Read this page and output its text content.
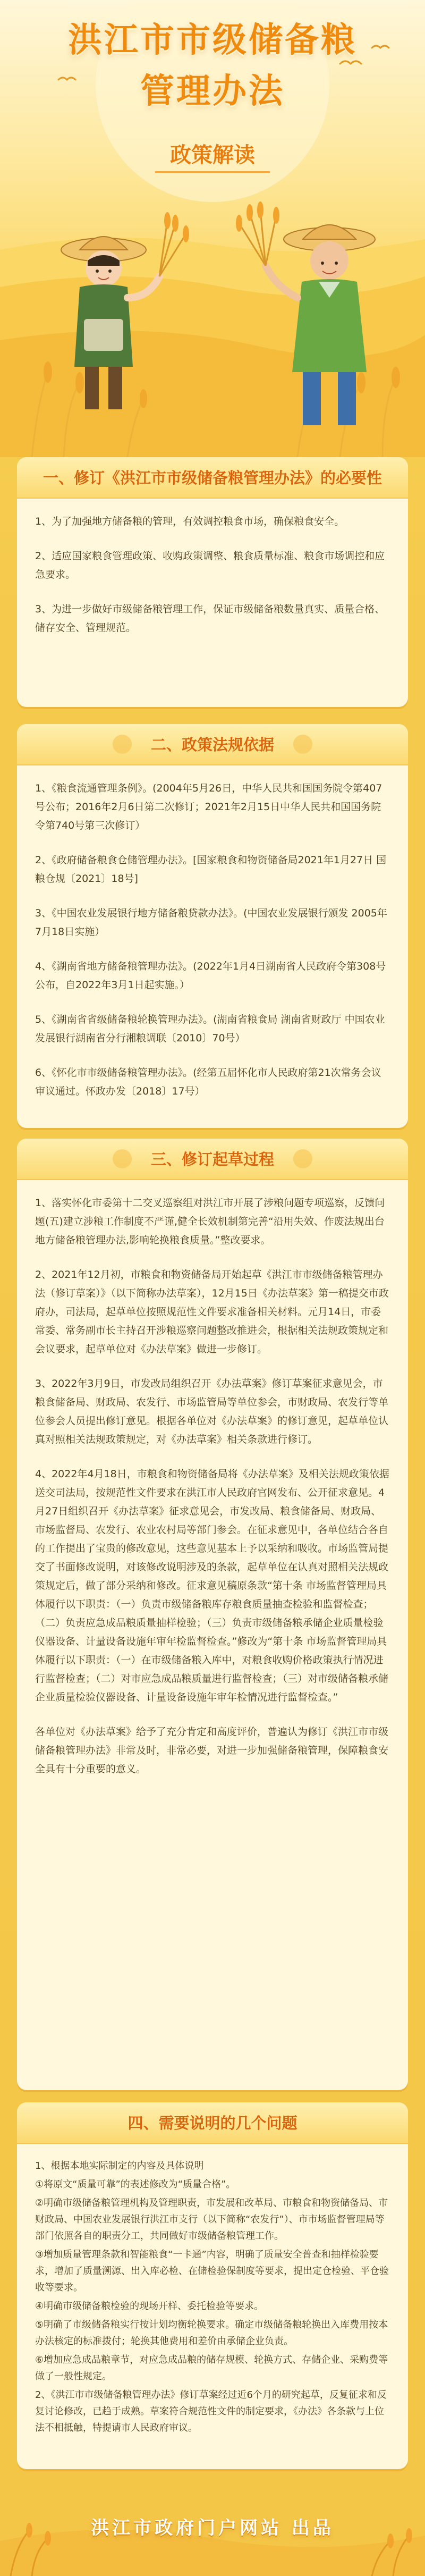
洪江市市级储备粮
管理办法
政策解读
一、修订《洪江市市级储备粮管理办法》的必要性

1、为了加强地方储备粮的管理，有效调控粮食市场，确保粮食安全。

2、适应国家粮食管理政策、收购政策调整、粮食质量标准、粮食市场调控和应急要求。

3、为进一步做好市级储备粮管理工作，保证市级储备粮数量真实、质量合格、储存安全、管理规范。

二、政策法规依据

1、《粮食流通管理条例》。(2004年5月26日，中华人民共和国国务院令第407号公布；2016年2月6日第二次修订；2021年2月15日中华人民共和国国务院令第740号第三次修订）

2、《政府储备粮食仓储管理办法》。[国家粮食和物资储备局2021年1月27日 国粮仓规〔2021〕18号]

3、《中国农业发展银行地方储备粮贷款办法》。(中国农业发展银行颁发 2005年7月18日实施）

4、《湖南省地方储备粮管理办法》。(2022年1月4日湖南省人民政府令第308号公布，自2022年3月1日起实施。）

5、《湖南省省级储备粮轮换管理办法》。(湖南省粮食局 湖南省财政厅 中国农业发展银行湖南省分行湘粮调联〔2010〕70号）

6、《怀化市市级储备粮管理办法》。(经第五届怀化市人民政府第21次常务会议审议通过。怀政办发〔2018〕17号）

三、修订起草过程

1、落实怀化市委第十二交叉巡察组对洪江市开展了涉粮问题专项巡察，反馈问题(五)建立涉粮工作制度不严谨,健全长效机制第完善“沿用失效、作废法规出台地方储备粮管理办法,影响轮换粮食质量。”整改要求。

2、2021年12月初，市粮食和物资储备局开始起草《洪江市市级储备粮管理办法（修订草案）》（以下简称办法草案），12月15日《办法草案》第一稿提交市政府办，司法局，起草单位按照规范性文件要求准备相关材料。元月14日，市委常委、常务副市长主持召开涉粮巡察问题整改推进会，根据相关法规政策规定和会议要求，起草单位对《办法草案》做进一步修订。

3、2022年3月9日，市发改局组织召开《办法草案》修订草案征求意见会，市粮食储备局、财政局、农发行、市场监管局等单位参会，市财政局、农发行等单位参会人员提出修订意见。根据各单位对《办法草案》的修订意见，起草单位认真对照相关法规政策规定，对《办法草案》相关条款进行修订。

4、2022年4月18日，市粮食和物资储备局将《办法草案》及相关法规政策依据送交司法局，按规范性文件要求在洪江市人民政府官网发布、公开征求意见。4月27日组织召开《办法草案》征求意见会，市发改局、粮食储备局、财政局、市场监督局、农发行、农业农村局等部门参会。在征求意见中，各单位结合各自的工作提出了宝贵的修改意见，这些意见基本上予以采纳和吸收。市场监管局提交了书面修改说明，对该修改说明涉及的条款，起草单位在认真对照相关法规政策规定后，做了部分采纳和修改。征求意见稿原条款“第十条 市场监督管理局具体履行以下职责：（一）负责市级储备粮库存粮食质量抽查检验和监督检查；（二）负责应急成品粮质量抽样检验；（三）负责市级储备粮承储企业质量检验仪器设备、计量设备设施年审年检监督检查。”修改为“第十条 市场监督管理局具体履行以下职责：（一）在市级储备粮入库中，对粮食收购价格政策执行情况进行监督检查；（二）对市应急成品粮质量进行监督检查；（三）对市级储备粮承储企业质量检验仪器设备、计量设备设施年审年检情况进行监督检查。”

各单位对《办法草案》给予了充分肯定和高度评价，普遍认为修订《洪江市市级储备粮管理办法》非常及时，非常必要，对进一步加强储备粮管理，保障粮食安全具有十分重要的意义。

四、需要说明的几个问题

1、根据本地实际制定的内容及具体说明

①将原文“质量可靠”的表述修改为“质量合格”。

②明确市级储备粮管理机构及管理职责，市发展和改革局、市粮食和物资储备局、市财政局、中国农业发展银行洪江市支行（以下简称“农发行”）、市市场监督管理局等部门依照各自的职责分工，共同做好市级储备粮管理工作。

③增加质量管理条款和智能粮食“一卡通”内容，明确了质量安全普查和抽样检验要求，增加了质量溯源、出入库必检、在储检验保制度等要求，提出定仓检验、平仓验收等要求。

④明确市级储备粮检验的现场开样、委托检验等要求。

⑤明确了市级储备粮实行按计划均衡轮换要求。确定市级储备粮轮换出入库费用按本办法核定的标准拨付；轮换其他费用和差价由承储企业负责。

⑥增加应急成品粮章节，对应急成品粮的储存规模、轮换方式、存储企业、采购费等做了一般性规定。

2、《洪江市市级储备粮管理办法》修订草案经过近6个月的研究起草，反复征求和反复讨论修改，已趋于成熟。草案符合规范性文件的制定要求，《办法》各条款与上位法不相抵触，特提请市人民政府审议。

洪江市政府门户网站 出品
